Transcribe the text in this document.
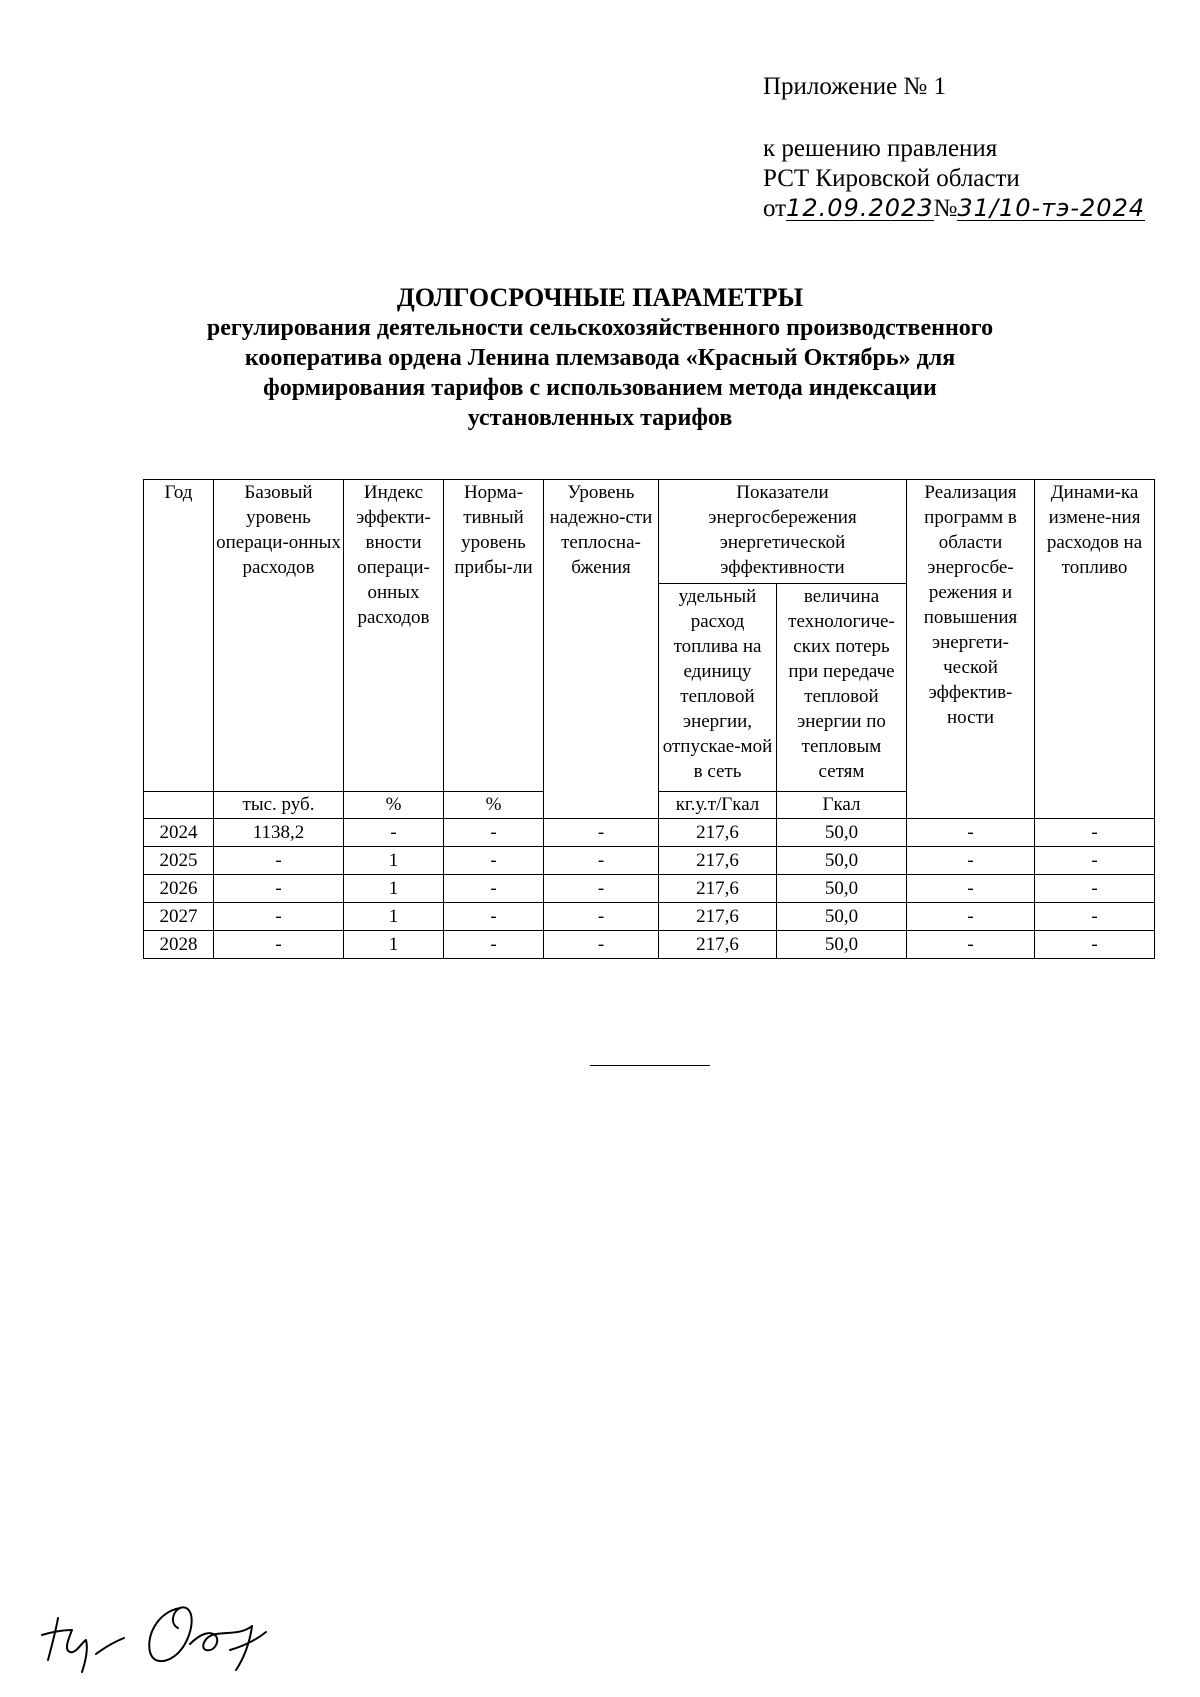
Приложение № 1
к решению правления
РСТ Кировской области
от12.09.2023№31/10-тэ-2024
ДОЛГОСРОЧНЫЕ ПАРАМЕТРЫ
регулирования деятельности сельскохозяйственного производственного
кооператива ордена Ленина племзавода «Красный Октябрь» для
формирования тарифов с использованием метода индексации
установленных тарифов
Год	Базовый уровень операци-онных расходов	Индекс эффекти-вности операци-онных расходов	Норма-тивный уровень прибы-ли	Уровень надежно-сти теплосна-бжения	Показатели энергосбережения энергетической эффективности		Реализация программ в области энергосбе-режения и повышения энергети-ческой эффектив-ности	Динами-ка измене-ния расходов на топливо
					удельный расход топлива на единицу тепловой энергии, отпускае-мой в сеть	величина технологиче-ских потерь при передаче тепловой энергии по тепловым сетям		
	тыс. руб.	%	%		кг.у.т/Гкал	Гкал		
2024	1138,2	-	-	-	217,6	50,0	-	-
2025	-	1	-	-	217,6	50,0	-	-
2026	-	1	-	-	217,6	50,0	-	-
2027	-	1	-	-	217,6	50,0	-	-
2028	-	1	-	-	217,6	50,0	-	-
